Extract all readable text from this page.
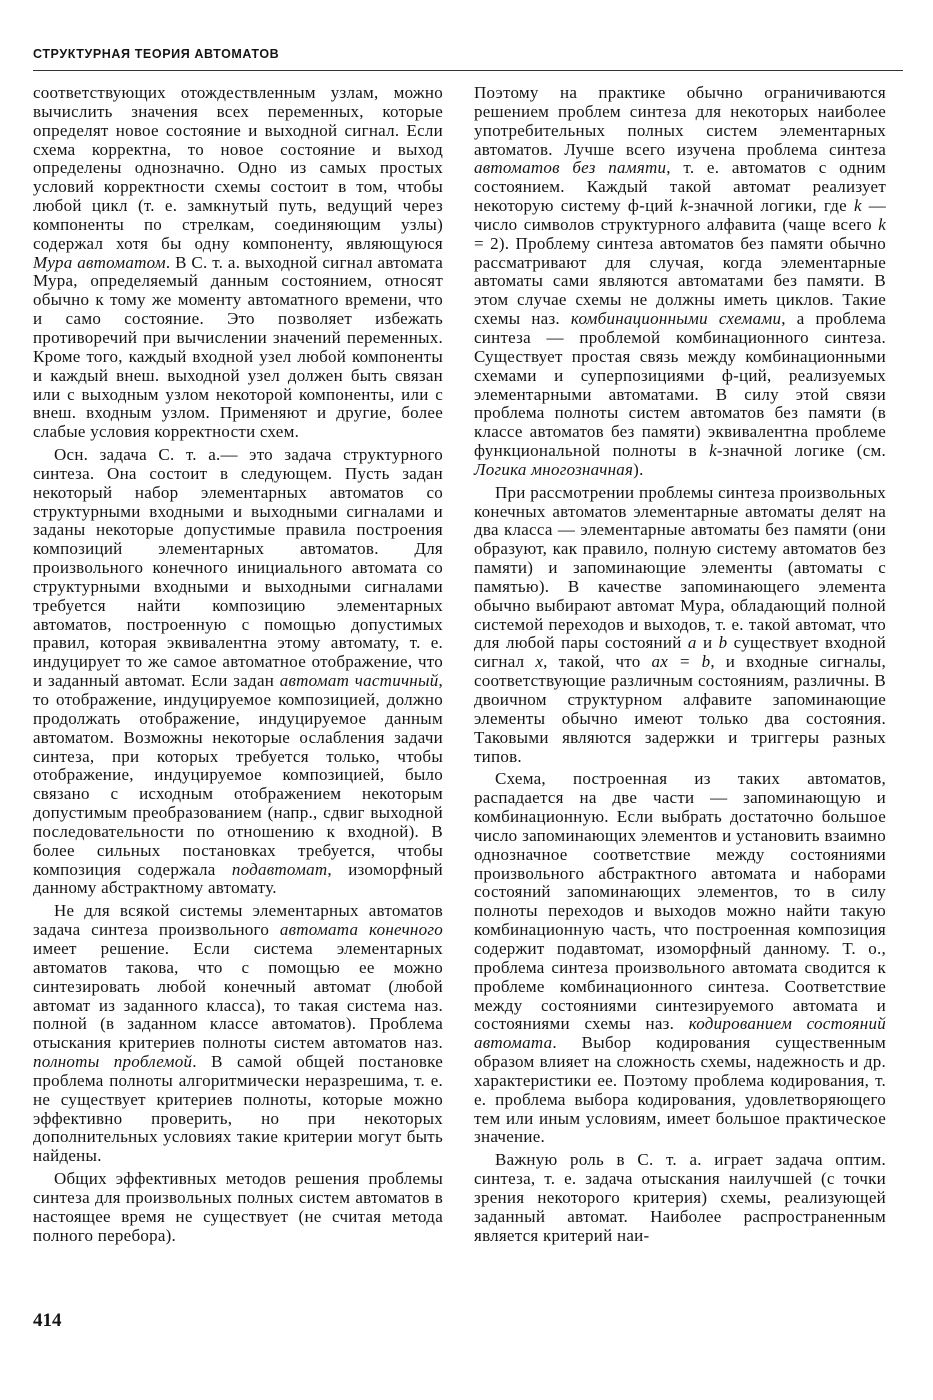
СТРУКТУРНАЯ ТЕОРИЯ АВТОМАТОВ

соответствующих отождествленным узлам, можно вычислить значения всех переменных, которые определят новое состояние и выходной сигнал. Если схема корректна, то новое состояние и выход определены однозначно. Одно из самых простых условий корректности схемы состоит в том, чтобы любой цикл (т. е. замкнутый путь, ведущий через компоненты по стрелкам, соединяющим узлы) содержал хотя бы одну компоненту, являющуюся Мура автоматом. В С. т. а. выходной сигнал автомата Мура, определяемый данным состоянием, относят обычно к тому же моменту автоматного времени, что и само состояние. Это позволяет избежать противоречий при вычислении значений переменных. Кроме того, каждый входной узел любой компоненты и каждый внеш. выходной узел должен быть связан или с выходным узлом некоторой компоненты, или с внеш. входным узлом. Применяют и другие, более слабые условия корректности схем.

Осн. задача С. т. а.— это задача структурного синтеза. Она состоит в следующем. Пусть задан некоторый набор элементарных автоматов со структурными входными и выходными сигналами и заданы некоторые допустимые правила построения композиций элементарных автоматов. Для произвольного конечного инициального автомата со структурными входными и выходными сигналами требуется найти композицию элементарных автоматов, построенную с помощью допустимых правил, которая эквивалентна этому автомату, т. е. индуцирует то же самое автоматное отображение, что и заданный автомат. Если задан автомат частичный, то отображение, индуцируемое композицией, должно продолжать отображение, индуцируемое данным автоматом. Возможны некоторые ослабления задачи синтеза, при которых требуется только, чтобы отображение, индуцируемое композицией, было связано с исходным отображением некоторым допустимым преобразованием (напр., сдвиг выходной последовательности по отношению к входной). В более сильных постановках требуется, чтобы композиция содержала подавтомат, изоморфный данному абстрактному автомату.

Не для всякой системы элементарных автоматов задача синтеза произвольного автомата конечного имеет решение. Если система элементарных автоматов такова, что с помощью ее можно синтезировать любой конечный автомат (любой автомат из заданного класса), то такая система наз. полной (в заданном классе автоматов). Проблема отыскания критериев полноты систем автоматов наз. полноты проблемой. В самой общей постановке проблема полноты алгоритмически неразрешима, т. е. не существует критериев полноты, которые можно эффективно проверить, но при некоторых дополнительных условиях такие критерии могут быть найдены.

Общих эффективных методов решения проблемы синтеза для произвольных полных систем автоматов в настоящее время не существует (не считая метода полного перебора).

Поэтому на практике обычно ограничиваются решением проблем синтеза для некоторых наиболее употребительных полных систем элементарных автоматов. Лучше всего изучена проблема синтеза автоматов без памяти, т. е. автоматов с одним состоянием. Каждый такой автомат реализует некоторую систему ф-ций k-значной логики, где k — число символов структурного алфавита (чаще всего k = 2). Проблему синтеза автоматов без памяти обычно рассматривают для случая, когда элементарные автоматы сами являются автоматами без памяти. В этом случае схемы не должны иметь циклов. Такие схемы наз. комбинационными схемами, а проблема синтеза — проблемой комбинационного синтеза. Существует простая связь между комбинационными схемами и суперпозициями ф-ций, реализуемых элементарными автоматами. В силу этой связи проблема полноты систем автоматов без памяти (в классе автоматов без памяти) эквивалентна проблеме функциональной полноты в k-значной логике (см. Логика многозначная).

При рассмотрении проблемы синтеза произвольных конечных автоматов элементарные автоматы делят на два класса — элементарные автоматы без памяти (они образуют, как правило, полную систему автоматов без памяти) и запоминающие элементы (автоматы с памятью). В качестве запоминающего элемента обычно выбирают автомат Мура, обладающий полной системой переходов и выходов, т. е. такой автомат, что для любой пары состояний a и b существует входной сигнал x, такой, что ax = b, и входные сигналы, соответствующие различным состояниям, различны. В двоичном структурном алфавите запоминающие элементы обычно имеют только два состояния. Таковыми являются задержки и триггеры разных типов.

Схема, построенная из таких автоматов, распадается на две части — запоминающую и комбинационную. Если выбрать достаточно большое число запоминающих элементов и установить взаимно однозначное соответствие между состояниями произвольного абстрактного автомата и наборами состояний запоминающих элементов, то в силу полноты переходов и выходов можно найти такую комбинационную часть, что построенная композиция содержит подавтомат, изоморфный данному. Т. о., проблема синтеза произвольного автомата сводится к проблеме комбинационного синтеза. Соответствие между состояниями синтезируемого автомата и состояниями схемы наз. кодированием состояний автомата. Выбор кодирования существенным образом влияет на сложность схемы, надежность и др. характеристики ее. Поэтому проблема кодирования, т. е. проблема выбора кодирования, удовлетворяющего тем или иным условиям, имеет большое практическое значение.

Важную роль в С. т. а. играет задача оптим. синтеза, т. е. задача отыскания наилучшей (с точки зрения некоторого критерия) схемы, реализующей заданный автомат. Наиболее распространенным является критерий наи-

414
